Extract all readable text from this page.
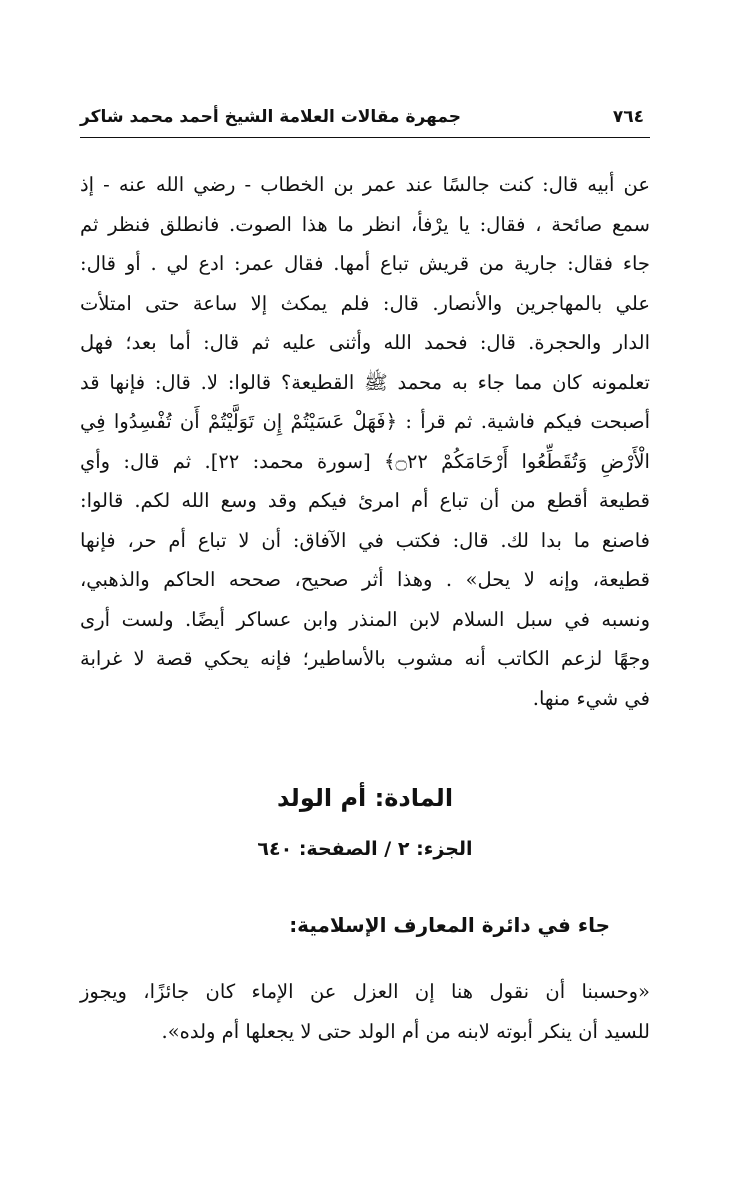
٧٦٤
جمهرة مقالات العلامة الشيخ أحمد محمد شاكر
عن أبيه قال: كنت جالسًا عند عمر بن الخطاب - رضي الله عنه - إذ
سمع صائحة ، فقال: يا يرْفأ، انظر ما هذا الصوت. فانطلق فنظر ثم
جاء فقال: جارية من قريش تباع أمها. فقال عمر: ادع لي . أو قال:
علي بالمهاجرين والأنصار. قال: فلم يمكث إلا ساعة حتى امتلأت
الدار والحجرة. قال: فحمد الله وأثنى عليه ثم قال: أما بعد؛ فهل
تعلمونه كان مما جاء به محمد ﷺ القطيعة؟ قالوا: لا. قال: فإنها قد
أصبحت فيكم فاشية. ثم قرأ : ﴿فَهَلْ عَسَيْتُمْ إِن تَوَلَّيْتُمْ أَن تُفْسِدُوا فِي
الْأَرْضِ وَتُقَطِّعُوا أَرْحَامَكُمْ ۝٢٢﴾ [سورة محمد: ٢٢]. ثم قال: وأي
قطيعة أقطع من أن تباع أم امرئ فيكم وقد وسع الله لكم. قالوا:
فاصنع ما بدا لك. قال: فكتب في الآفاق: أن لا تباع أم حر، فإنها
قطيعة، وإنه لا يحل» . وهذا أثر صحيح، صححه الحاكم والذهبي،
ونسبه في سبل السلام لابن المنذر وابن عساكر أيضًا. ولست أرى
وجهًا لزعم الكاتب أنه مشوب بالأساطير؛ فإنه يحكي قصة لا غرابة
في شيء منها.
المادة: أم الولد
الجزء: ٢ / الصفحة: ٦٤٠
جاء في دائرة المعارف الإسلامية:
«وحسبنا أن نقول هنا إن العزل عن الإماء كان جائزًا، ويجوز
للسيد أن ينكر أبوته لابنه من أم الولد حتى لا يجعلها أم ولده».
